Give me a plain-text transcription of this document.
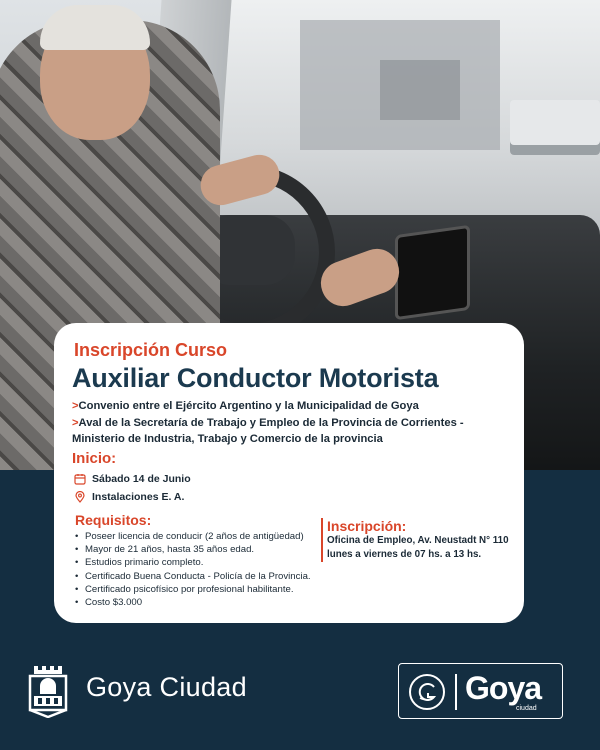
Inscripción Curso
Auxiliar Conductor Motorista
>Convenio entre el Ejército Argentino y la Municipalidad de Goya
>Aval de la Secretaría de Trabajo y Empleo de la Provincia de Corrientes -
Ministerio de Industria, Trabajo y Comercio de la provincia
Inicio:
Sábado 14 de Junio
Instalaciones E. A.
Requisitos:
• Poseer licencia de conducir (2 años de antigüedad)
• Mayor de 21 años, hasta 35 años edad.
• Estudios primario completo.
• Certificado Buena Conducta - Policía de la Provincia.
• Certificado psicofísico por profesional habilitante.
• Costo $3.000
Inscripción:
Oficina de Empleo, Av. Neustadt N° 110
lunes a viernes de 07 hs. a 13 hs.
Goya Ciudad	Goya
ciudad
